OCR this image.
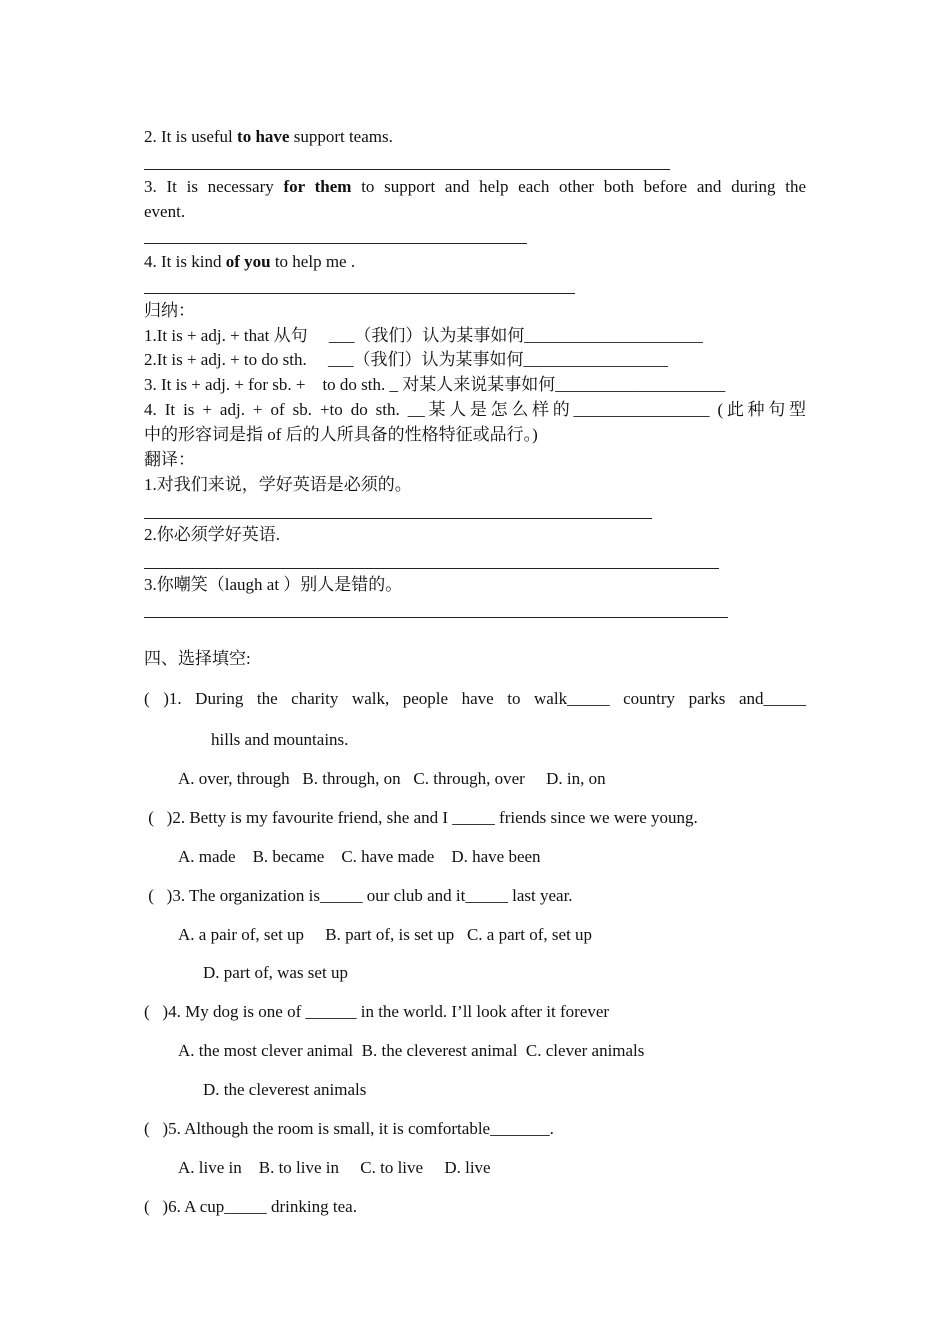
2. It is useful to have support teams.
3. It is necessary for them to support and help each other both before and during the
event.
4. It is kind of you to help me .
归纳：
1.It is + adj. + that 从句     ___（我们）认为某事如何_____________________
2.It is + adj. + to do sth.     ___（我们）认为某事如何_________________
3. It is + adj. + for sb. +    to do sth. _ 对某人来说某事如何____________________
4. It is + adj. + of sb. +to do sth. __某人是怎么样的________________ (此种句型
中的形容词是指 of 后的人所具备的性格特征或品行。)
翻译：
1.对我们来说，学好英语是必须的。
2.你必须学好英语.
3.你嘲笑（laugh at ）别人是错的。
四、选择填空:
( )1. During the charity walk, people have to walk_____ country parks and_____
hills and mountains.
A. over, through   B. through, on   C. through, over     D. in, on
(   )2. Betty is my favourite friend, she and I _____ friends since we were young.
A. made    B. became    C. have made    D. have been
(   )3. The organization is_____ our club and it_____ last year.
A. a pair of, set up     B. part of, is set up   C. a part of, set up
D. part of, was set up
(   )4. My dog is one of ______ in the world. I’ll look after it forever
A. the most clever animal  B. the cleverest animal  C. clever animals
D. the cleverest animals
(   )5. Although the room is small, it is comfortable_______.
A. live in    B. to live in     C. to live     D. live
(   )6. A cup_____ drinking tea.
